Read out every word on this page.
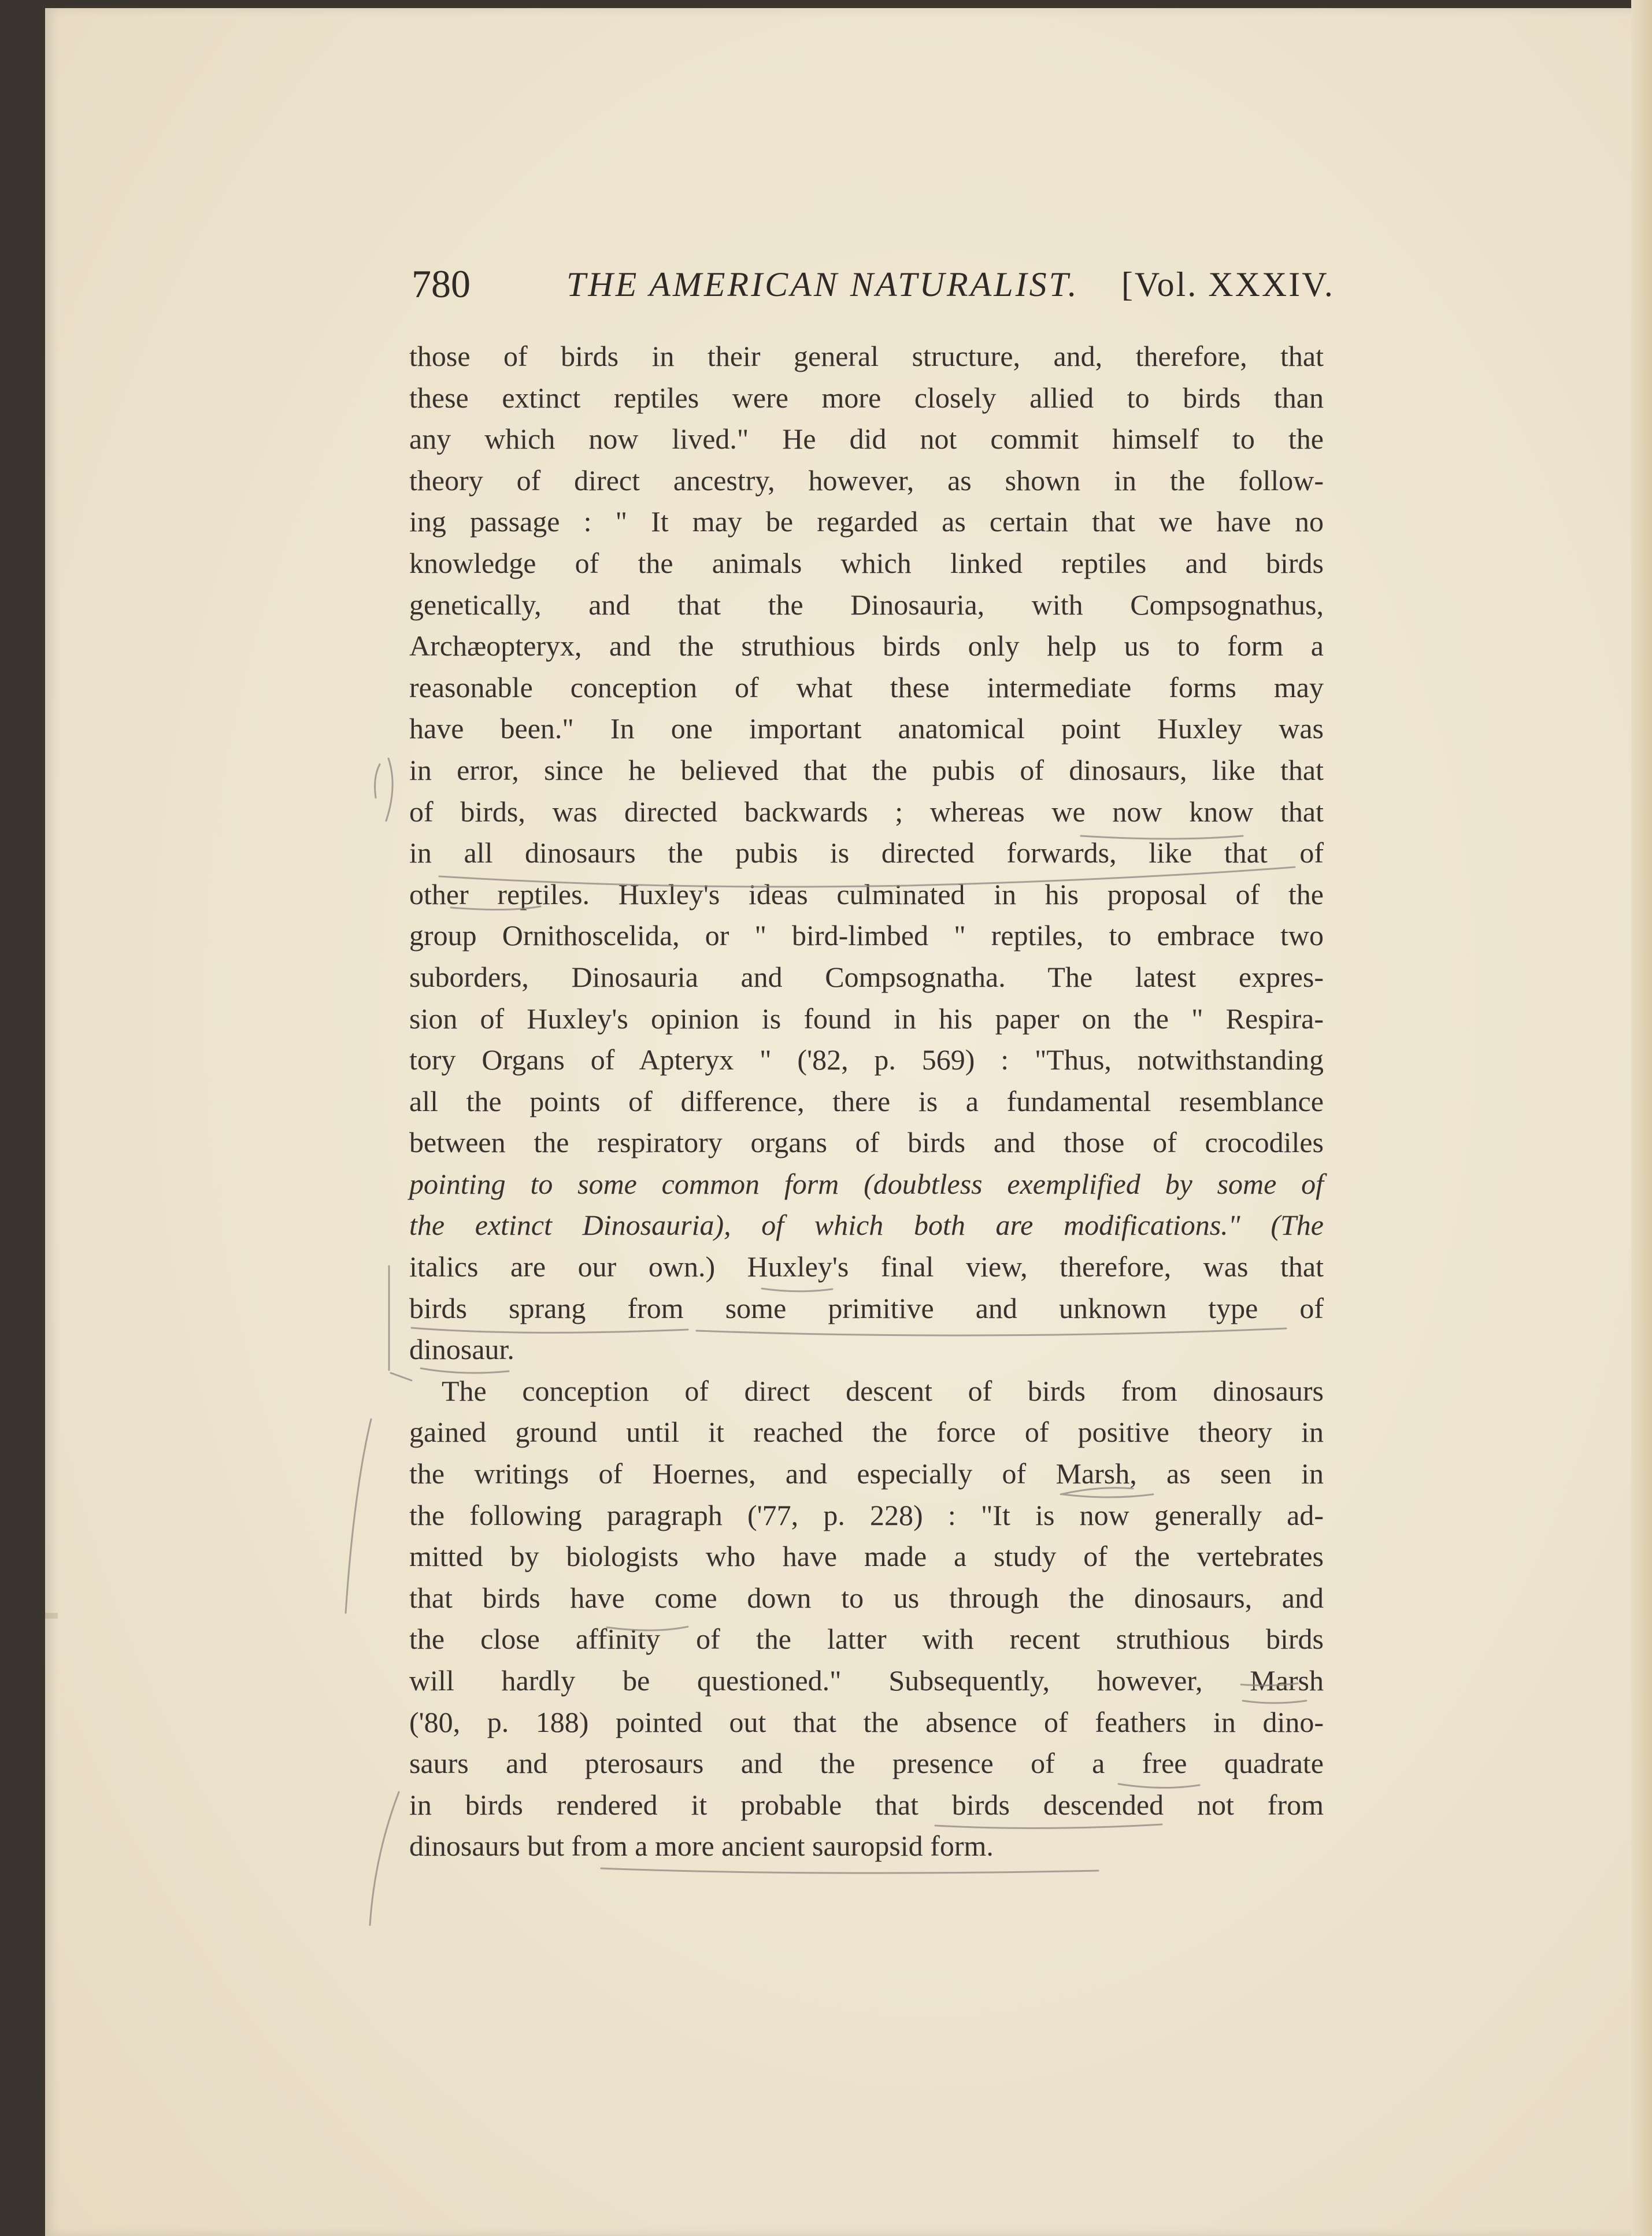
780	THE AMERICAN NATURALIST. [Vol. XXXIV.
those of birds in their general structure, and, therefore, that
these extinct reptiles were more closely allied to birds than
any which now lived." He did not commit himself to the
theory of direct ancestry, however, as shown in the follow-
ing passage : " It may be regarded as certain that we have no
knowledge of the animals which linked reptiles and birds
genetically, and that the Dinosauria, with Compsognathus,
Archæopteryx, and the struthious birds only help us to form a
reasonable conception of what these intermediate forms may
have been." In one important anatomical point Huxley was
in error, since he believed that the pubis of dinosaurs, like that
of birds, was directed backwards ; whereas we now know that
in all dinosaurs the pubis is directed forwards, like that of
other reptiles. Huxley's ideas culminated in his proposal of the
group Ornithoscelida, or " bird-limbed " reptiles, to embrace two
suborders, Dinosauria and Compsognatha. The latest expres-
sion of Huxley's opinion is found in his paper on the " Respira-
tory Organs of Apteryx " ('82, p. 569) : "Thus, notwithstanding
all the points of difference, there is a fundamental resemblance
between the respiratory organs of birds and those of crocodiles
pointing to some common form (doubtless exemplified by some of
the extinct Dinosauria), of which both are modifications." (The
italics are our own.) Huxley's final view, therefore, was that
birds sprang from some primitive and unknown type of
dinosaur.
The conception of direct descent of birds from dinosaurs
gained ground until it reached the force of positive theory in
the writings of Hoernes, and especially of Marsh, as seen in
the following paragraph ('77, p. 228) : "It is now generally ad-
mitted by biologists who have made a study of the vertebrates
that birds have come down to us through the dinosaurs, and
the close affinity of the latter with recent struthious birds
will hardly be questioned." Subsequently, however, Marsh
('80, p. 188) pointed out that the absence of feathers in dino-
saurs and pterosaurs and the presence of a free quadrate
in birds rendered it probable that birds descended not from
dinosaurs but from a more ancient sauropsid form.
